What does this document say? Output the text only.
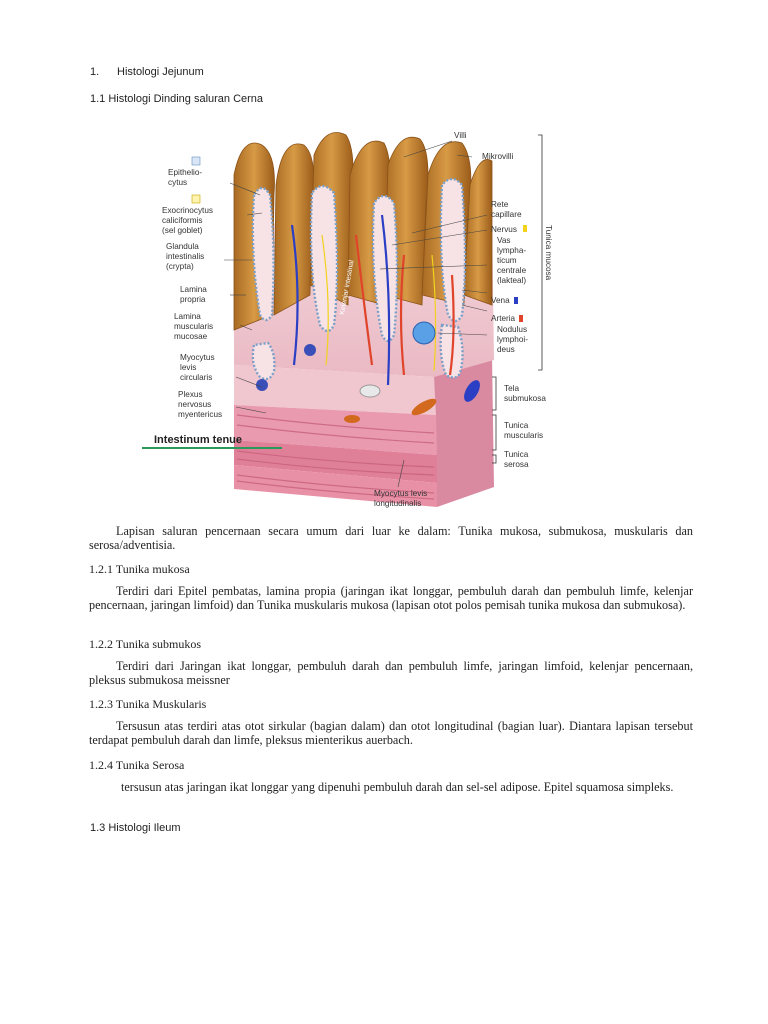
1. Histologi Jejunum
1.1 Histologi Dinding saluran Cerna
Epithelio-cytus
Exocrinocytus caliciformis (sel goblet)
Glandula intestinalis (crypta)
Lamina propria
Lamina muscularis mucosae
Myocytus levis circularis
Plexus nervosus myentericus
Intestinum tenue
Villi
Mikrovilli
Rete capillare
Nervus
Vas lympha-ticum centrale (lakteal)
Vena
Arteria
Nodulus lymphoi-deus
Tela submukosa
Tunica muscularis
Tunica serosa
Tunica mucosa
Myocytus levis longitudinalis
Kelenjar intestinal
Lapisan saluran pencernaan secara umum dari luar ke dalam: Tunika mukosa, submukosa, muskularis dan serosa/adventisia.
1.2.1 Tunika mukosa
Terdiri dari Epitel pembatas, lamina propia (jaringan ikat longgar, pembuluh darah dan pembuluh limfe, kelenjar pencernaan, jaringan limfoid) dan Tunika muskularis mukosa (lapisan otot polos pemisah tunika mukosa dan submukosa).
1.2.2 Tunika submukos
Terdiri dari Jaringan ikat longgar, pembuluh darah dan pembuluh limfe, jaringan limfoid, kelenjar pencernaan, pleksus submukosa meissner
1.2.3 Tunika Muskularis
Tersusun atas terdiri atas otot sirkular (bagian dalam) dan otot longitudinal (bagian luar). Diantara lapisan tersebut terdapat pembuluh darah dan limfe, pleksus mienterikus auerbach.
1.2.4 Tunika Serosa
tersusun atas jaringan ikat longgar yang dipenuhi pembuluh darah dan sel-sel adipose. Epitel squamosa simpleks.
1.3 Histologi Ileum
